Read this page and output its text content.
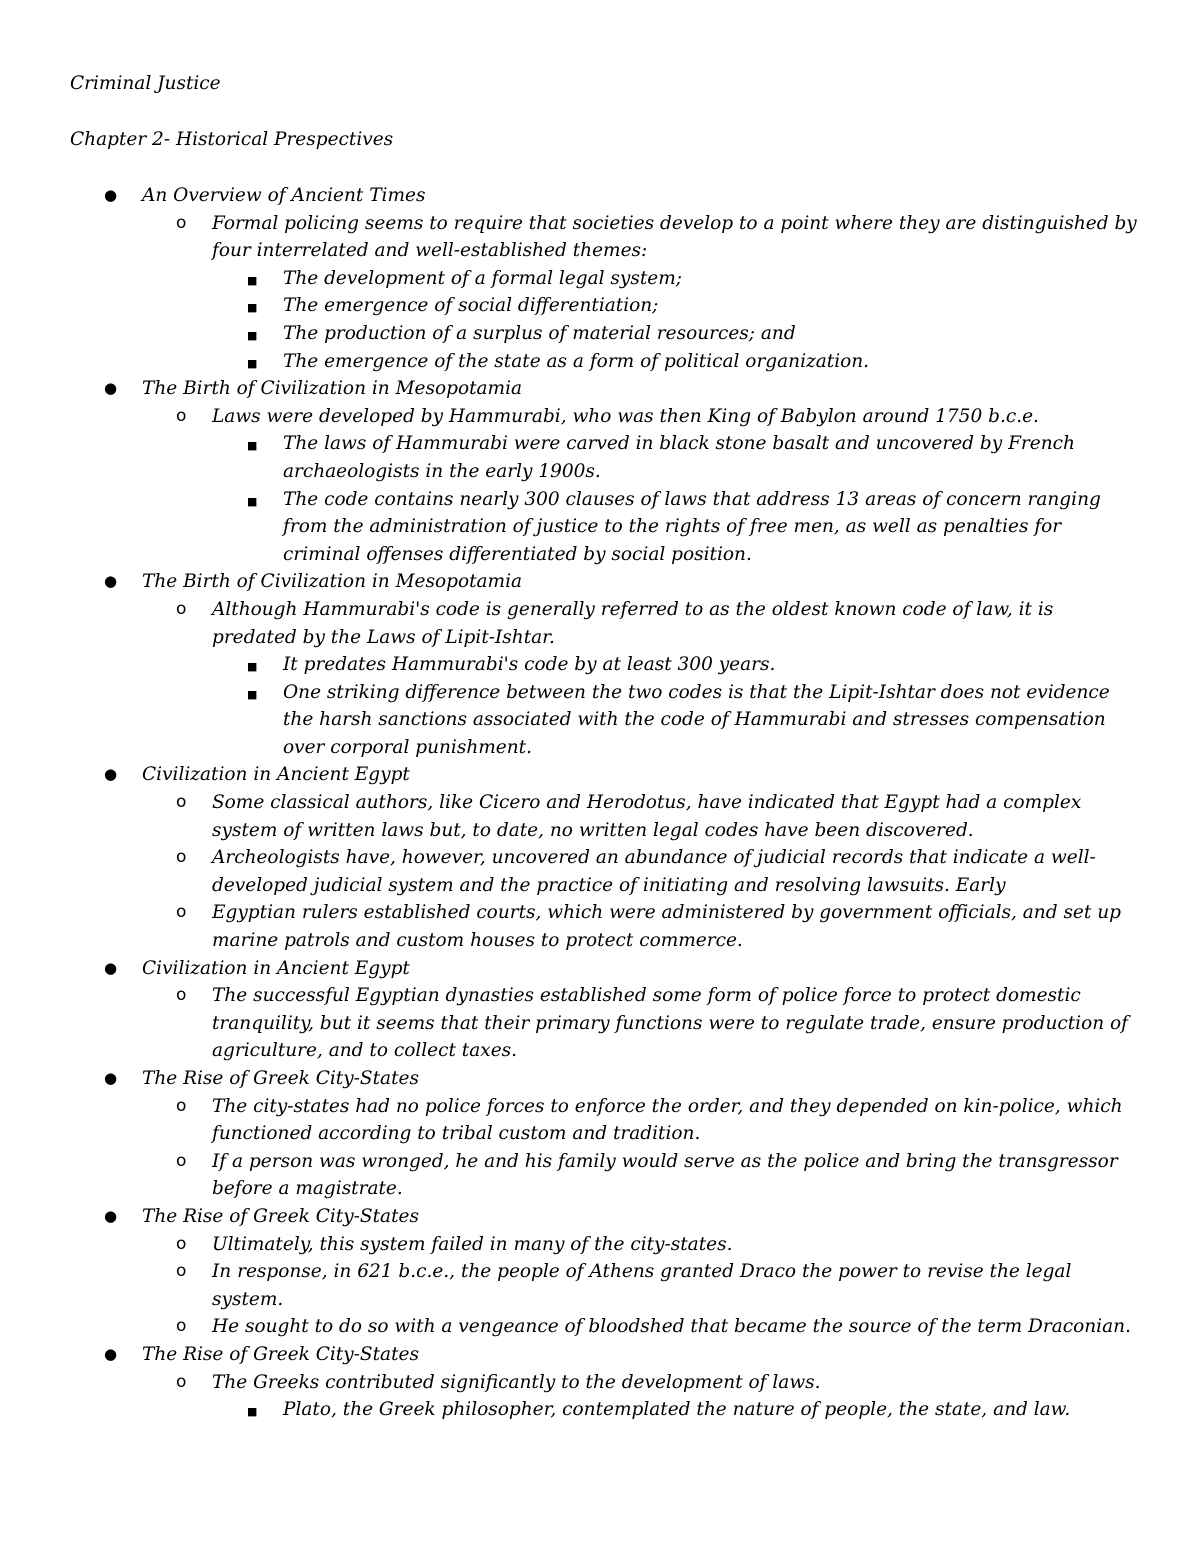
Criminal Justice
Chapter 2- Historical Prespectives
● An Overview of Ancient Times
o Formal policing seems to require that societies develop to a point where they are distinguished by four interrelated and well-established themes:
■ The development of a formal legal system;
■ The emergence of social differentiation;
■ The production of a surplus of material resources; and
■ The emergence of the state as a form of political organization.
● The Birth of Civilization in Mesopotamia
o Laws were developed by Hammurabi, who was then King of Babylon around 1750 b.c.e.
■ The laws of Hammurabi were carved in black stone basalt and uncovered by French archaeologists in the early 1900s.
■ The code contains nearly 300 clauses of laws that address 13 areas of concern ranging from the administration of justice to the rights of free men, as well as penalties for criminal offenses differentiated by social position.
● The Birth of Civilization in Mesopotamia
o Although Hammurabi's code is generally referred to as the oldest known code of law, it is predated by the Laws of Lipit-Ishtar.
■ It predates Hammurabi's code by at least 300 years.
■ One striking difference between the two codes is that the Lipit-Ishtar does not evidence the harsh sanctions associated with the code of Hammurabi and stresses compensation over corporal punishment.
● Civilization in Ancient Egypt
o Some classical authors, like Cicero and Herodotus, have indicated that Egypt had a complex system of written laws but, to date, no written legal codes have been discovered.
o Archeologists have, however, uncovered an abundance of judicial records that indicate a well-developed judicial system and the practice of initiating and resolving lawsuits. Early
o Egyptian rulers established courts, which were administered by government officials, and set up marine patrols and custom houses to protect commerce.
● Civilization in Ancient Egypt
o The successful Egyptian dynasties established some form of police force to protect domestic tranquility, but it seems that their primary functions were to regulate trade, ensure production of agriculture, and to collect taxes.
● The Rise of Greek City-States
o The city-states had no police forces to enforce the order, and they depended on kin-police, which functioned according to tribal custom and tradition.
o If a person was wronged, he and his family would serve as the police and bring the transgressor before a magistrate.
● The Rise of Greek City-States
o Ultimately, this system failed in many of the city-states.
o In response, in 621 b.c.e., the people of Athens granted Draco the power to revise the legal system.
o He sought to do so with a vengeance of bloodshed that became the source of the term Draconian.
● The Rise of Greek City-States
o The Greeks contributed significantly to the development of laws.
■ Plato, the Greek philosopher, contemplated the nature of people, the state, and law.
